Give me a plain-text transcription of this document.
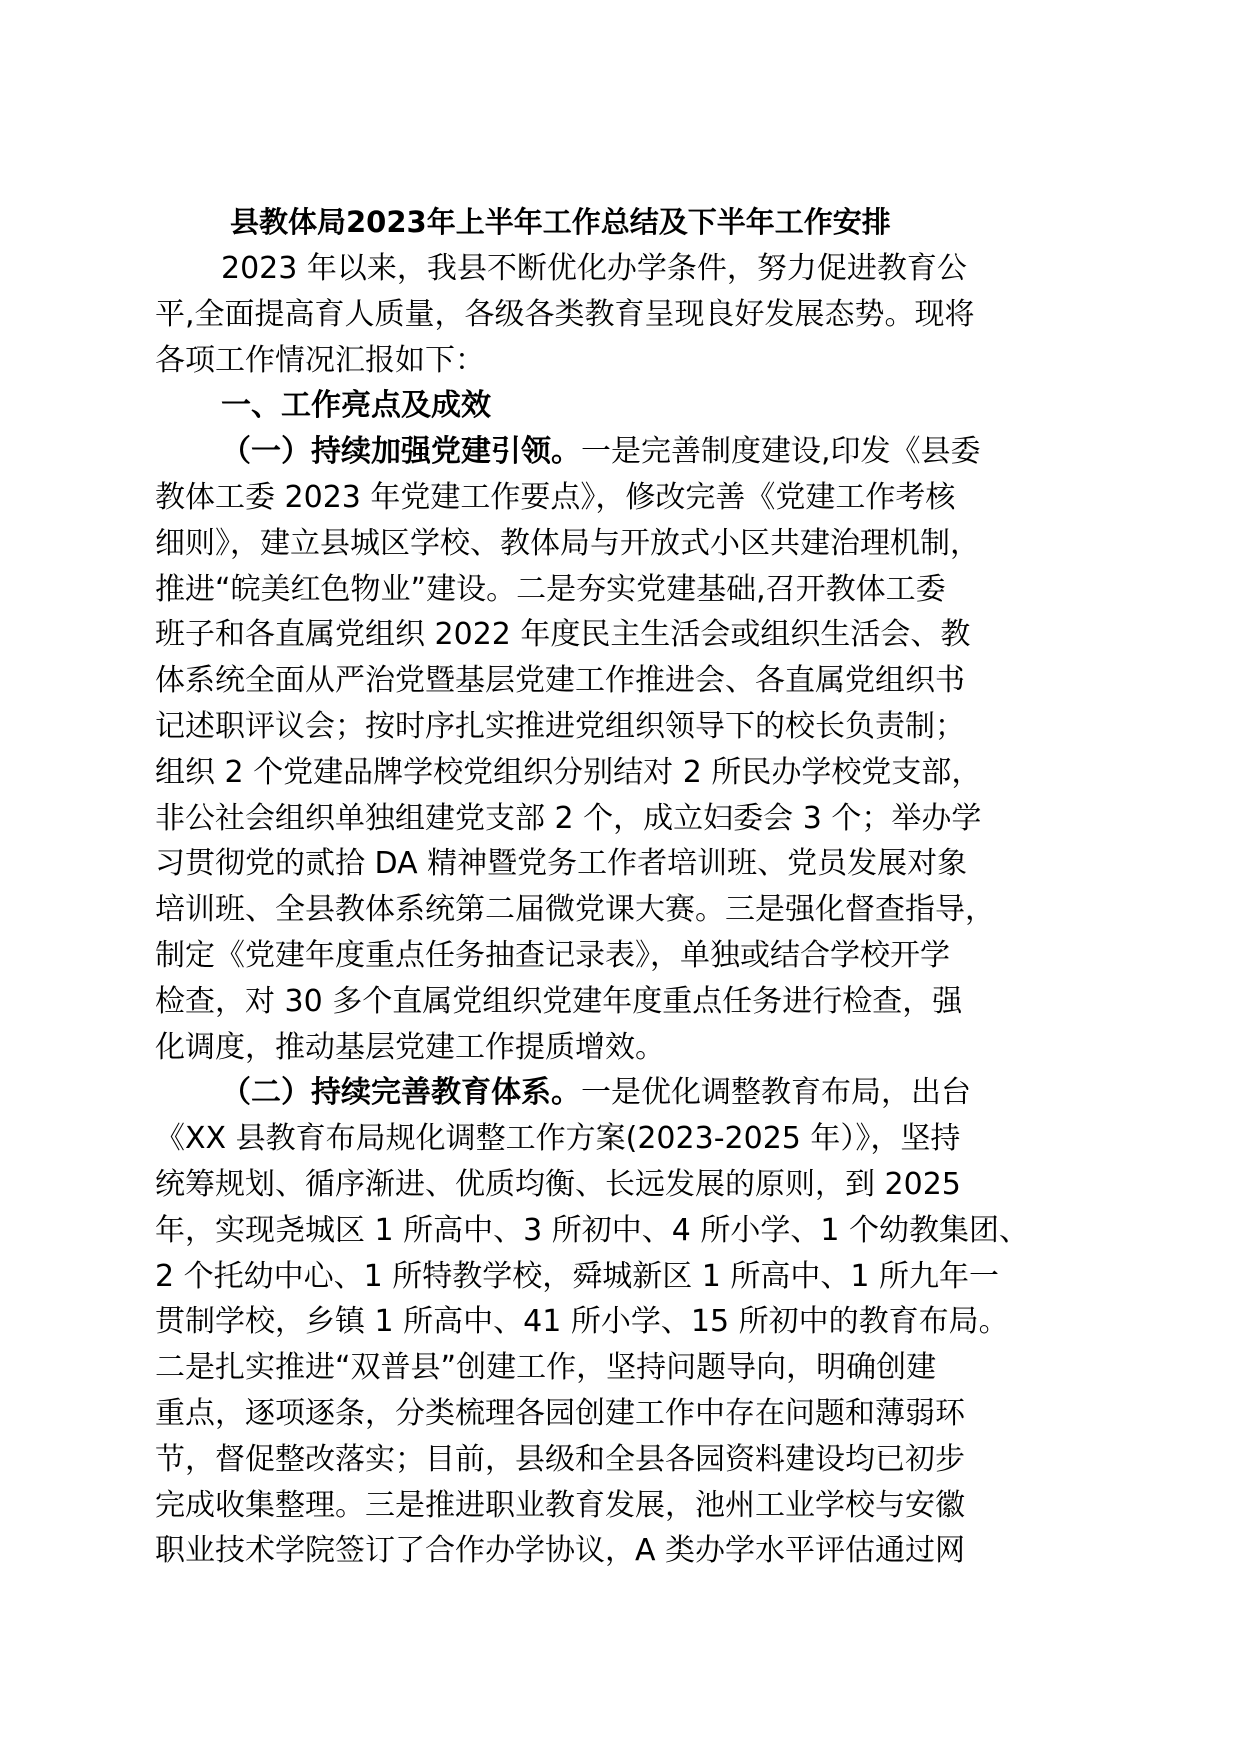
县教体局2023年上半年工作总结及下半年工作安排
2023 年以来，我县不断优化办学条件，努力促进教育公
平,全面提高育人质量，各级各类教育呈现良好发展态势。现将
各项工作情况汇报如下：
一、工作亮点及成效
（一）持续加强党建引领。一是完善制度建设,印发《县委
教体工委 2023 年党建工作要点》，修改完善《党建工作考核
细则》，建立县城区学校、教体局与开放式小区共建治理机制，
推进“皖美红色物业”建设。二是夯实党建基础,召开教体工委
班子和各直属党组织 2022 年度民主生活会或组织生活会、教
体系统全面从严治党暨基层党建工作推进会、各直属党组织书
记述职评议会；按时序扎实推进党组织领导下的校长负责制；
组织 2 个党建品牌学校党组织分别结对 2 所民办学校党支部，
非公社会组织单独组建党支部 2 个，成立妇委会 3 个；举办学
习贯彻党的贰拾 DA 精神暨党务工作者培训班、党员发展对象
培训班、全县教体系统第二届微党课大赛。三是强化督查指导，
制定《党建年度重点任务抽查记录表》，单独或结合学校开学
检查，对 30 多个直属党组织党建年度重点任务进行检查，强
化调度，推动基层党建工作提质增效。
（二）持续完善教育体系。一是优化调整教育布局，出台
《XX 县教育布局规化调整工作方案(2023-2025 年）》，坚持
统筹规划、循序渐进、优质均衡、长远发展的原则，到 2025
年，实现尧城区 1 所高中、3 所初中、4 所小学、1 个幼教集团、
2 个托幼中心、1 所特教学校，舜城新区 1 所高中、1 所九年一
贯制学校，乡镇 1 所高中、41 所小学、15 所初中的教育布局。
二是扎实推进“双普县”创建工作，坚持问题导向，明确创建
重点，逐项逐条，分类梳理各园创建工作中存在问题和薄弱环
节，督促整改落实；目前，县级和全县各园资料建设均已初步
完成收集整理。三是推进职业教育发展，池州工业学校与安徽
职业技术学院签订了合作办学协议，A 类办学水平评估通过网
